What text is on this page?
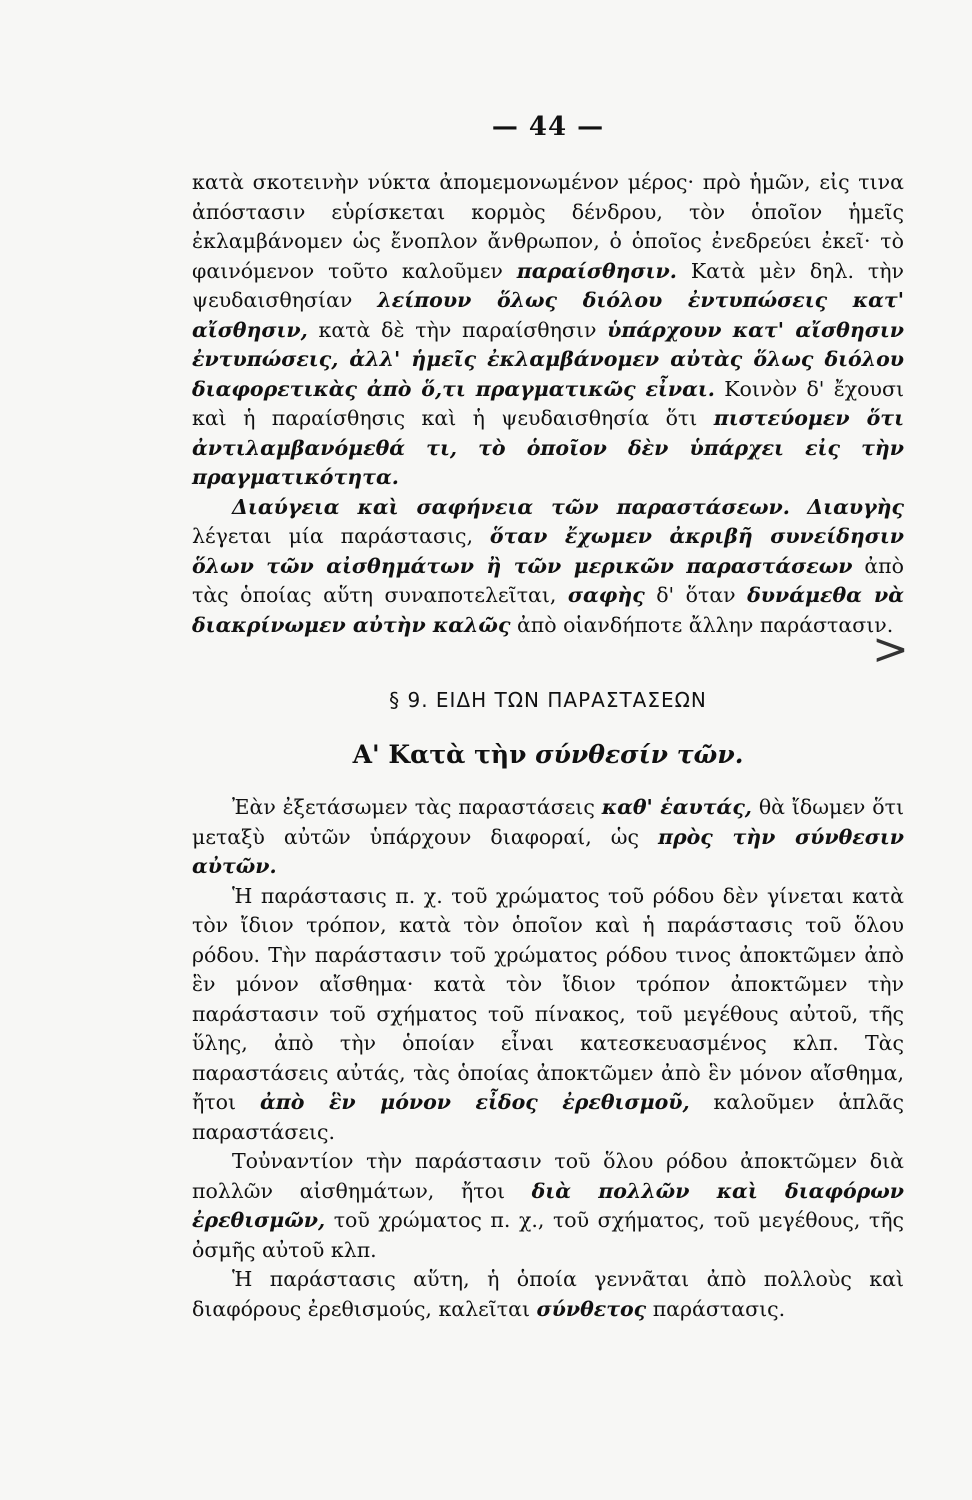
— 44 —

κατὰ σκοτεινὴν νύκτα ἀπομεμονωμένον μέρος· πρὸ ἡμῶν, εἰς τινα ἀπόστασιν εὑρίσκεται κορμὸς δένδρου, τὸν ὁποῖον ἡμεῖς ἐκλαμβάνομεν ὡς ἔνοπλον ἄνθρωπον, ὁ ὁποῖος ἐνεδρεύει ἐκεῖ· τὸ φαινόμενον τοῦτο καλοῦμεν παραίσθησιν. Κατὰ μὲν δηλ. τὴν ψευδαισθησίαν λείπουν ὅλως διόλου ἐντυπώσεις κατ' αἴσθησιν, κατὰ δὲ τὴν παραίσθησιν ὑπάρχουν κατ' αἴσθησιν ἐντυπώσεις, ἀλλ' ἡμεῖς ἐκλαμβάνομεν αὐτὰς ὅλως διόλου διαφορετικὰς ἀπὸ ὅ,τι πραγματικῶς εἶναι. Κοινὸν δ' ἔχουσι καὶ ἡ παραίσθησις καὶ ἡ ψευδαισθησία ὅτι πιστεύομεν ὅτι ἀντιλαμβανόμεθά τι, τὸ ὁποῖον δὲν ὑπάρχει εἰς τὴν πραγματικότητα.

Διαύγεια καὶ σαφήνεια τῶν παραστάσεων. Διαυγὴς λέγεται μία παράστασις, ὅταν ἔχωμεν ἀκριβῆ συνείδησιν ὅλων τῶν αἰσθημάτων ἢ τῶν μερικῶν παραστάσεων ἀπὸ τὰς ὁποίας αὕτη συναποτελεῖται, σαφὴς δ' ὅταν δυνάμεθα νὰ διακρίνωμεν αὐτὴν καλῶς ἀπὸ οἱανδήποτε ἄλλην παράστασιν.

§ 9. ΕΙΔΗ ΤΩΝ ΠΑΡΑΣΤΑΣΕΩΝ
Α' Κατὰ τὴν σύνθεσίν τῶν.

Ἐὰν ἐξετάσωμεν τὰς παραστάσεις καθ' ἑαυτάς, θὰ ἴδωμεν ὅτι μεταξὺ αὐτῶν ὑπάρχουν διαφοραί, ὡς πρὸς τὴν σύνθεσιν αὐτῶν.

Ἡ παράστασις π. χ. τοῦ χρώματος τοῦ ρόδου δὲν γίνεται κατὰ τὸν ἴδιον τρόπον, κατὰ τὸν ὁποῖον καὶ ἡ παράστασις τοῦ ὅλου ρόδου. Τὴν παράστασιν τοῦ χρώματος ρόδου τινος ἀποκτῶμεν ἀπὸ ἓν μόνον αἴσθημα· κατὰ τὸν ἴδιον τρόπον ἀποκτῶμεν τὴν παράστασιν τοῦ σχήματος τοῦ πίνακος, τοῦ μεγέθους αὐτοῦ, τῆς ὕλης, ἀπὸ τὴν ὁποίαν εἶναι κατεσκευασμένος κλπ. Τὰς παραστάσεις αὐτάς, τὰς ὁποίας ἀποκτῶμεν ἀπὸ ἓν μόνον αἴσθημα, ἤτοι ἀπὸ ἓν μόνον εἶδος ἐρεθισμοῦ, καλοῦμεν ἁπλᾶς παραστάσεις.

Τοὐναντίον τὴν παράστασιν τοῦ ὅλου ρόδου ἀποκτῶμεν διὰ πολλῶν αἰσθημάτων, ἤτοι διὰ πολλῶν καὶ διαφόρων ἐρεθισμῶν, τοῦ χρώματος π. χ., τοῦ σχήματος, τοῦ μεγέθους, τῆς ὀσμῆς αὐτοῦ κλπ.

Ἡ παράστασις αὕτη, ἡ ὁποία γεννᾶται ἀπὸ πολλοὺς καὶ διαφόρους ἐρεθισμούς, καλεῖται σύνθετος παράστασις.

>
